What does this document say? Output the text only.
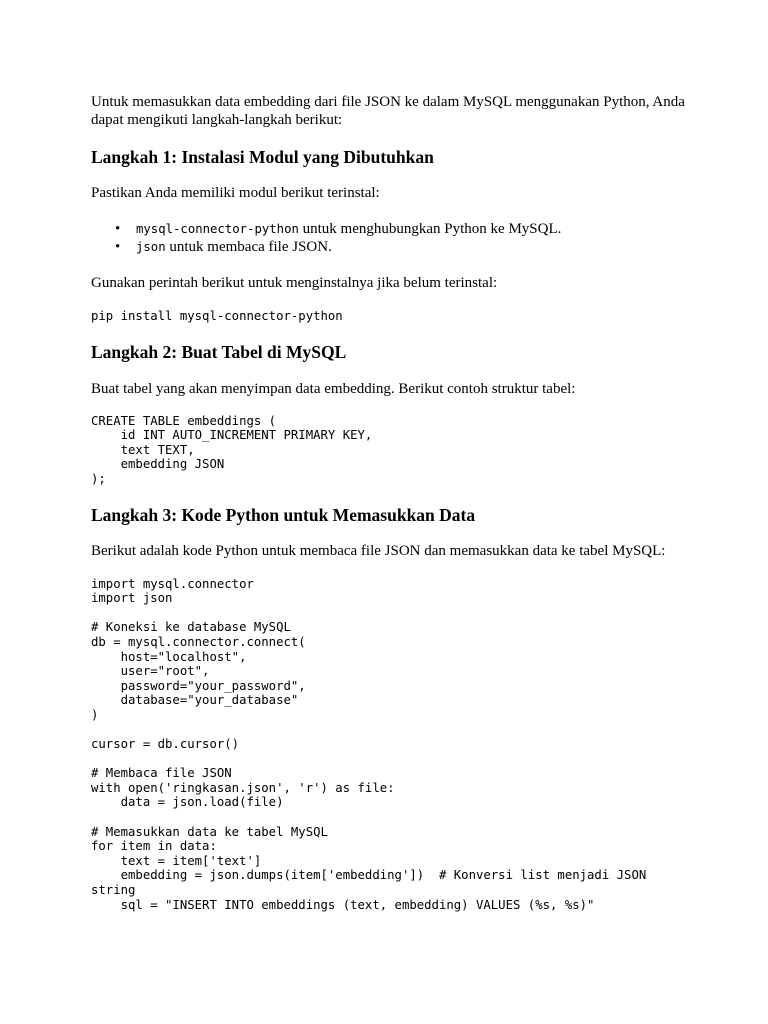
Untuk memasukkan data embedding dari file JSON ke dalam MySQL menggunakan Python, Anda dapat mengikuti langkah-langkah berikut:

Langkah 1: Instalasi Modul yang Dibutuhkan

Pastikan Anda memiliki modul berikut terinstal:

• mysql-connector-python untuk menghubungkan Python ke MySQL.
• json untuk membaca file JSON.

Gunakan perintah berikut untuk menginstalnya jika belum terinstal:

pip install mysql-connector-python
Langkah 2: Buat Tabel di MySQL

Buat tabel yang akan menyimpan data embedding. Berikut contoh struktur tabel:

CREATE TABLE embeddings (
id INT AUTO_INCREMENT PRIMARY KEY,
text TEXT,
embedding JSON
);
Langkah 3: Kode Python untuk Memasukkan Data

Berikut adalah kode Python untuk membaca file JSON dan memasukkan data ke tabel MySQL:

import mysql.connector
import json

# Koneksi ke database MySQL
db = mysql.connector.connect(
host="localhost",
user="root",
password="your_password",
database="your_database"
)

cursor = db.cursor()

# Membaca file JSON
with open('ringkasan.json', 'r') as file:
data = json.load(file)

# Memasukkan data ke tabel MySQL
for item in data:
text = item['text']
embedding = json.dumps(item['embedding'])  # Konversi list menjadi JSON
string
sql = "INSERT INTO embeddings (text, embedding) VALUES (%s, %s)"
